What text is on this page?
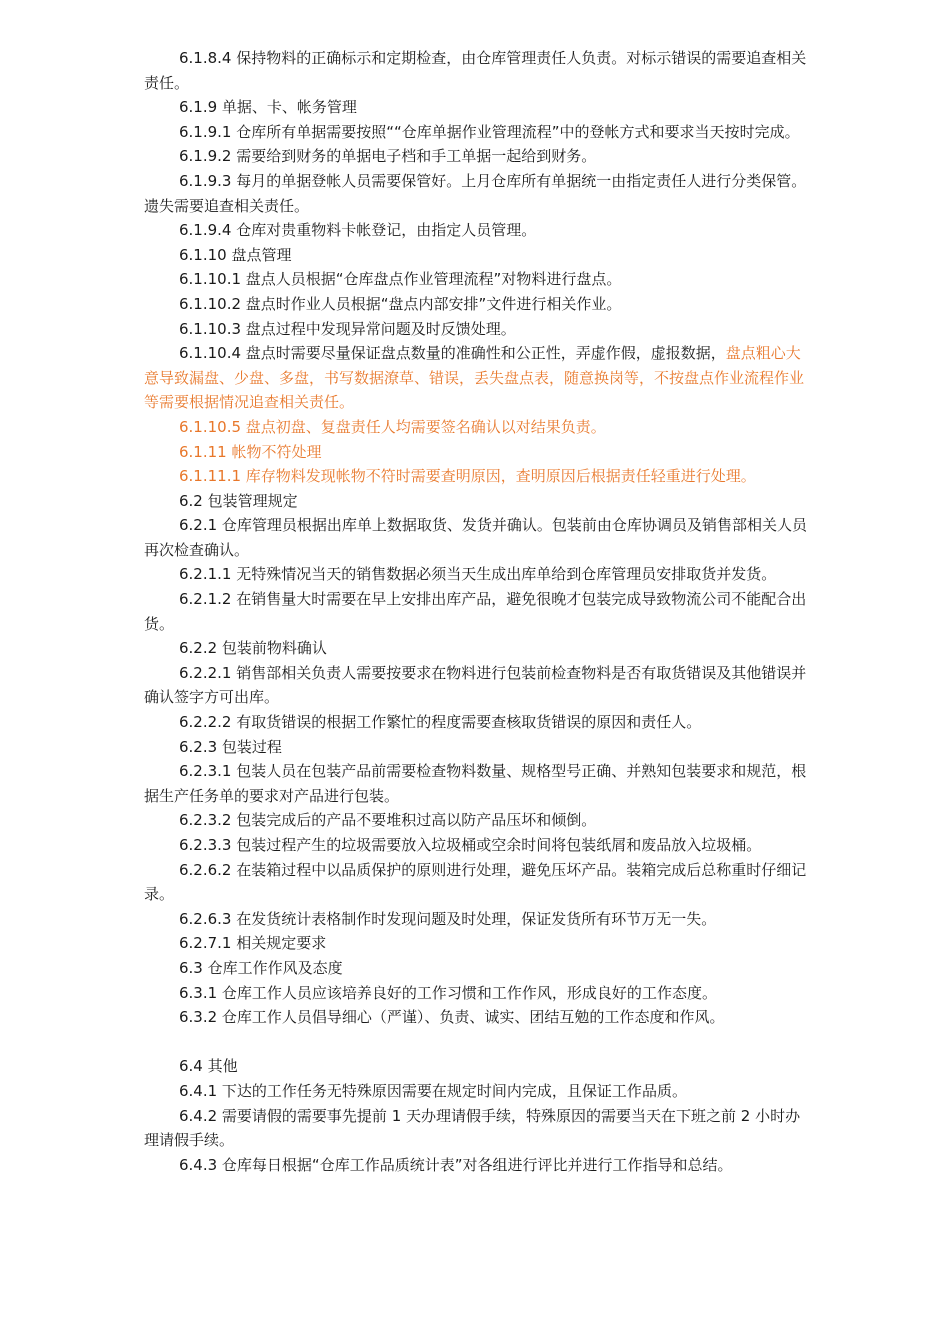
6.1.8.4 保持物料的正确标示和定期检查，由仓库管理责任人负责。对标示错误的需要追查相关责任。

6.1.9 单据、卡、帐务管理

6.1.9.1 仓库所有单据需要按照““仓库单据作业管理流程”中的登帐方式和要求当天按时完成。

6.1.9.2 需要给到财务的单据电子档和手工单据一起给到财务。

6.1.9.3 每月的单据登帐人员需要保管好。上月仓库所有单据统一由指定责任人进行分类保管。遗失需要追查相关责任。

6.1.9.4 仓库对贵重物料卡帐登记，由指定人员管理。

6.1.10 盘点管理

6.1.10.1 盘点人员根据“仓库盘点作业管理流程”对物料进行盘点。

6.1.10.2 盘点时作业人员根据“盘点内部安排”文件进行相关作业。

6.1.10.3 盘点过程中发现异常问题及时反馈处理。

6.1.10.4 盘点时需要尽量保证盘点数量的准确性和公正性，弄虚作假，虚报数据，盘点粗心大意导致漏盘、少盘、多盘，书写数据潦草、错误，丢失盘点表，随意换岗等，不按盘点作业流程作业等需要根据情况追查相关责任。

6.1.10.5 盘点初盘、复盘责任人均需要签名确认以对结果负责。

6.1.11 帐物不符处理

6.1.11.1 库存物料发现帐物不符时需要查明原因，查明原因后根据责任轻重进行处理。

6.2 包装管理规定

6.2.1 仓库管理员根据出库单上数据取货、发货并确认。包装前由仓库协调员及销售部相关人员再次检查确认。

6.2.1.1 无特殊情况当天的销售数据必须当天生成出库单给到仓库管理员安排取货并发货。

6.2.1.2 在销售量大时需要在早上安排出库产品，避免很晚才包装完成导致物流公司不能配合出货。

6.2.2 包装前物料确认

6.2.2.1 销售部相关负责人需要按要求在物料进行包装前检查物料是否有取货错误及其他错误并确认签字方可出库。

6.2.2.2 有取货错误的根据工作繁忙的程度需要查核取货错误的原因和责任人。

6.2.3 包装过程

6.2.3.1 包装人员在包装产品前需要检查物料数量、规格型号正确、并熟知包装要求和规范，根据生产任务单的要求对产品进行包装。

6.2.3.2 包装完成后的产品不要堆积过高以防产品压坏和倾倒。

6.2.3.3 包装过程产生的垃圾需要放入垃圾桶或空余时间将包装纸屑和废品放入垃圾桶。

6.2.6.2 在装箱过程中以品质保护的原则进行处理，避免压坏产品。装箱完成后总称重时仔细记录。

6.2.6.3 在发货统计表格制作时发现问题及时处理，保证发货所有环节万无一失。

6.2.7.1 相关规定要求

6.3 仓库工作作风及态度

6.3.1 仓库工作人员应该培养良好的工作习惯和工作作风，形成良好的工作态度。

6.3.2 仓库工作人员倡导细心（严谨）、负责、诚实、团结互勉的工作态度和作风。

6.4 其他

6.4.1 下达的工作任务无特殊原因需要在规定时间内完成，且保证工作品质。

6.4.2 需要请假的需要事先提前 1 天办理请假手续，特殊原因的需要当天在下班之前 2 小时办理请假手续。

6.4.3 仓库每日根据“仓库工作品质统计表”对各组进行评比并进行工作指导和总结。
